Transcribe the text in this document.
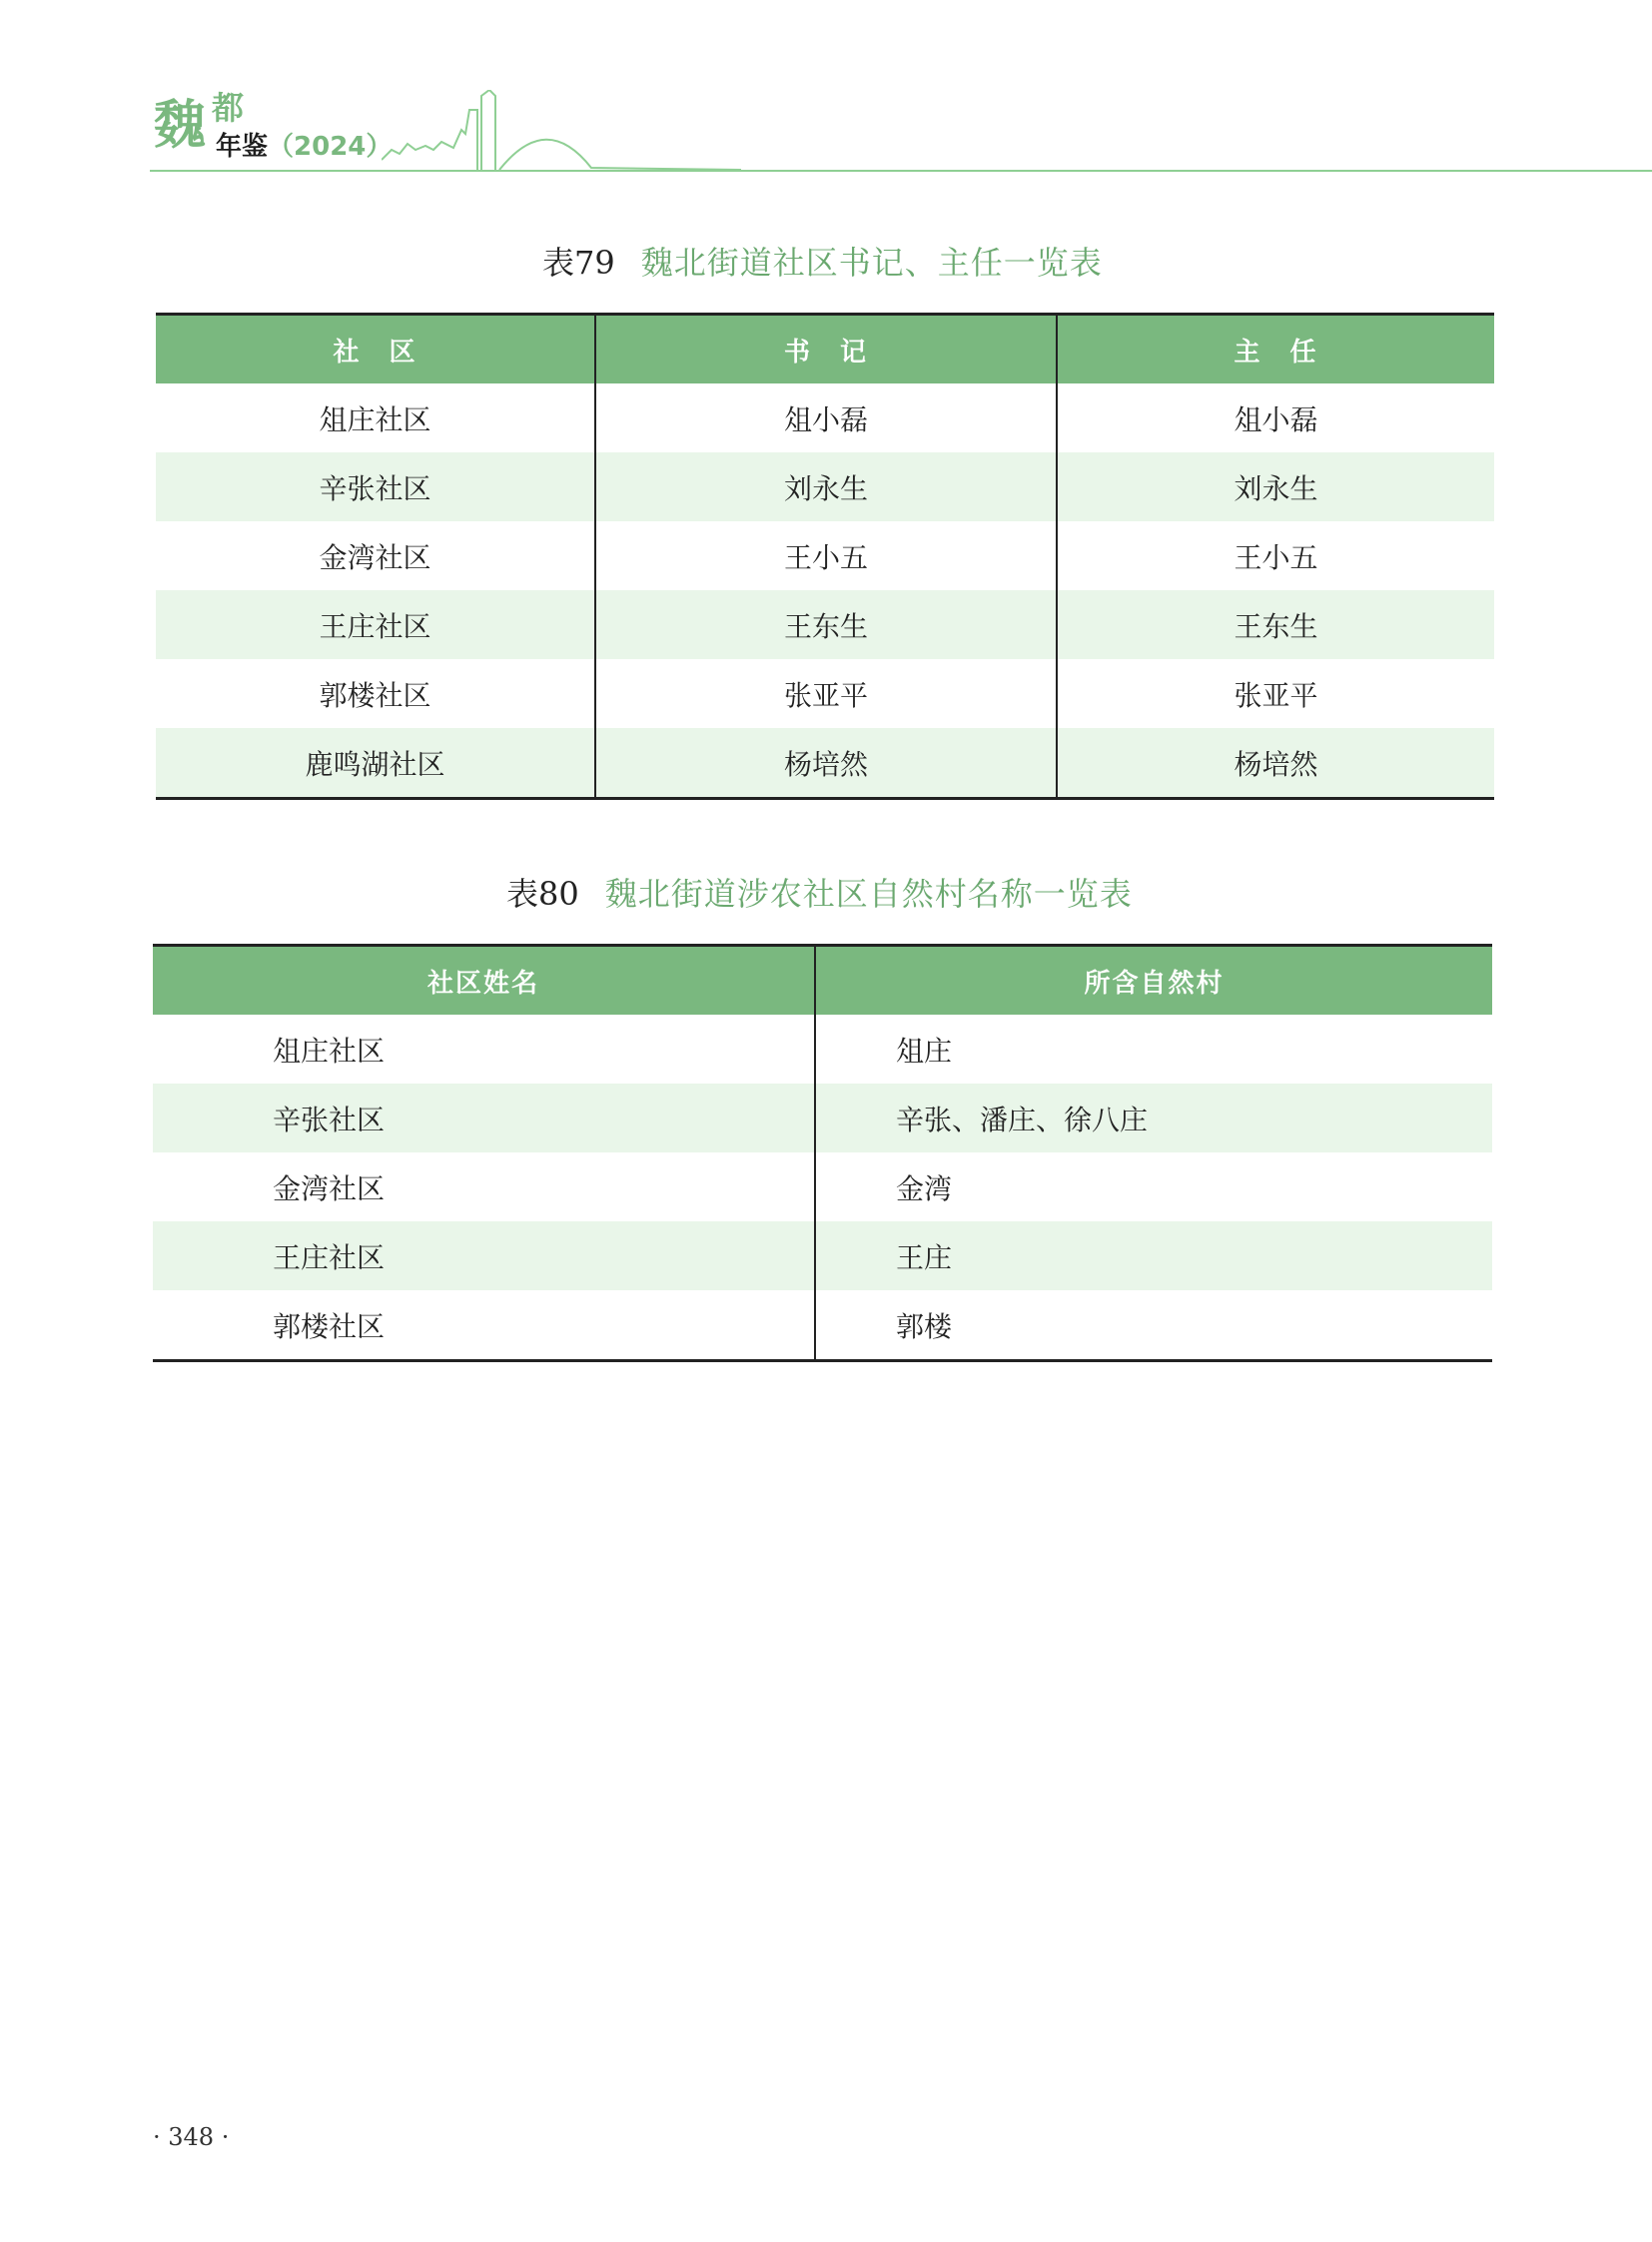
魏 都
年鉴（2024）
表79 魏北街道社区书记、主任一览表
社　区	书　记	主　任
俎庄社区	俎小磊	俎小磊
辛张社区	刘永生	刘永生
金湾社区	王小五	王小五
王庄社区	王东生	王东生
郭楼社区	张亚平	张亚平
鹿鸣湖社区	杨培然	杨培然
表80 魏北街道涉农社区自然村名称一览表
社区姓名	所含自然村
俎庄社区	俎庄
辛张社区	辛张、潘庄、徐八庄
金湾社区	金湾
王庄社区	王庄
郭楼社区	郭楼
· 348 ·
